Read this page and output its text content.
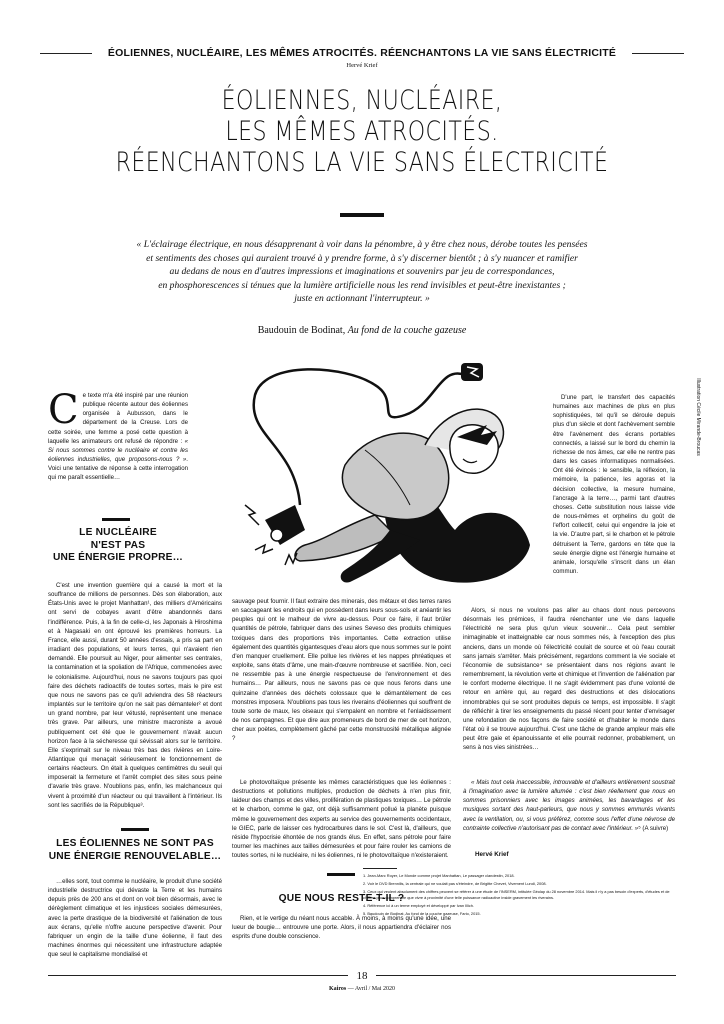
ÉOLIENNES, NUCLÉAIRE, LES MÊMES ATROCITÉS. RÉENCHANTONS LA VIE SANS ÉLECTRICITÉ
Hervé Krief
ÉOLIENNES, NUCLÉAIRE,
LES MÊMES ATROCITÉS.
RÉENCHANTONS LA VIE SANS ÉLECTRICITÉ
« L'éclairage électrique, en nous désapprenant à voir dans la pénombre, à y être chez nous, dérobe toutes les pensées
et sentiments des choses qui auraient trouvé à y prendre forme, à s'y discerner bientôt ; à s'y nuancer et ramifier
au dedans de nous en d'autres impressions et imaginations et souvenirs par jeu de correspondances,
en phosphorescences si ténues que la lumière artificielle nous les rend invisibles et peut-être inexistantes ;
juste en actionnant l'interrupteur. »
Baudouin de Bodinat, Au fond de la couche gazeuse
Illustration Cécile Mirande-Broucas
C e texte m'a été inspiré par une réunion publique récente autour des éoliennes organisée à Aubusson, dans le département de la Creuse. Lors de cette soirée, une femme a posé cette question à laquelle les animateurs ont refusé de répondre : « Si nous sommes contre le nucléaire et contre les éoliennes industrielles, que proposons-nous ? ». Voici une tentative de réponse à cette interrogation qui me paraît essentielle…
LE NUCLÉAIRE
N'EST PAS
UNE ÉNERGIE PROPRE…

C'est une invention guerrière qui a causé la mort et la souffrance de millions de personnes. Dès son élaboration, aux États-Unis avec le projet Manhattan¹, des milliers d'Américains ont servi de cobayes avant d'être abandonnés dans l'indifférence. Puis, à la fin de celle-ci, les Japonais à Hiroshima et à Nagasaki en ont éprouvé les premières horreurs. La France, elle aussi, durant 50 années d'essais, a pris sa part en irradiant des populations, et leurs terres, qui n'avaient rien demandé. Elle poursuit au Niger, pour alimenter ses centrales, la contamination et la spoliation de l'Afrique, commencées avec le colonialisme. Aujourd'hui, nous ne savons toujours pas quoi faire des déchets radioactifs de toutes sortes, mais le pire est que nous ne savons pas ce qu'il adviendra des 58 réacteurs implantés sur le territoire qu'on ne sait pas démanteler² et dont un grand nombre, par leur vétusté, représentent une menace très grave. Par ailleurs, une ministre macroniste a avoué publiquement cet été que le gouvernement n'avait aucun horizon face à la sécheresse qui sévissait alors sur le territoire. Elle s'exprimait sur le niveau très bas des rivières en Loire-Atlantique qui menaçait sérieusement le fonctionnement de certains réacteurs. On était à quelques centimètres du seuil qui imposerait la fermeture et l'arrêt complet des sites sous peine d'avarie très grave. N'oublions pas, enfin, les malchanceux qui vivent à proximité d'un réacteur ou qui travaillent à l'intérieur. Ils sont les sacrifiés de la République³.

LES ÉOLIENNES NE SONT PAS
UNE ÉNERGIE RENOUVELABLE…

…elles sont, tout comme le nucléaire, le produit d'une société industrielle destructrice qui dévaste la Terre et les humains depuis près de 200 ans et dont on voit bien désormais, avec le dérèglement climatique et les injustices sociales démesurées, avec la perte drastique de la biodiversité et l'aliénation de tous aux écrans, qu'elle n'offre aucune perspective d'avenir. Pour fabriquer un engin de la taille d'une éolienne, il faut des machines énormes qui nécessitent une infrastructure adaptée que seul le capitalisme mondialisé et

sauvage peut fournir. Il faut extraire des minerais, des métaux et des terres rares en saccageant les endroits qui en possèdent dans leurs sous-sols et anéantir les peuples qui ont le malheur de vivre au-dessus. Pour ce faire, il faut brûler quantités de pétrole, fabriquer dans des usines Seveso des produits chimiques toxiques dans des proportions très importantes. Cette extraction utilise également des quantités gigantesques d'eau alors que nous sommes sur le point d'en manquer cruellement. Elle pollue les rivières et les nappes phréatiques et exploite, sans états d'âme, une main-d'œuvre nombreuse et sacrifiée. Non, ceci ne ressemble pas à une énergie respectueuse de l'environnement et des humains… Par ailleurs, nous ne savons pas ce que nous ferons dans une quinzaine d'années des déchets colossaux que le démantèlement de ces monstres imposera. N'oublions pas tous les riverains d'éoliennes qui souffrent de toute sorte de maux, les oiseaux qui s'empalent en nombre et l'enlaidissement de nos campagnes. Et que dire aux promeneurs de bord de mer de cet horizon, cher aux poètes, complètement gâché par cette monstruosité métallique alignée ?

Le photovoltaïque présente les mêmes caractéristiques que les éoliennes : destructions et pollutions multiples, production de déchets à n'en plus finir, laideur des champs et des villes, prolifération de plastiques toxiques… Le pétrole et le charbon, comme le gaz, ont déjà suffisamment pollué la planète puisque même le gouvernement des experts au service des gouvernements occidentaux, le GIEC, parle de laisser ces hydrocarbures dans le sol. C'est là, d'ailleurs, que réside l'hypocrisie éhontée de nos grands élus. En effet, sans pétrole pour faire tourner les machines aux tailles démesurées et pour faire rouler les camions de toutes sortes, ni le nucléaire, ni les éoliennes, ni le photovoltaïque n'existeraient.

QUE NOUS RESTE-T-IL ?

Rien, et le vertige du néant nous accable. À moins, à moins qu'une idée, une lueur de bougie… entrouvre une porte. Alors, il nous appartiendra d'éclairer nos esprits d'une double conscience.

D'une part, le transfert des capacités humaines aux machines de plus en plus sophistiquées, tel qu'il se déroule depuis plus d'un siècle et dont l'achèvement semble être l'avènement des écrans portables connectés, a laissé sur le bord du chemin la richesse de nos âmes, car elle ne rentre pas dans les cases informatiques normalisées. Ont été évincés : le sensible, la réflexion, la mémoire, la patience, les agoras et la décision collective, la mesure humaine, l'ancrage à la terre…, parmi tant d'autres choses. Cette substitution nous laisse vide de nous-mêmes et orphelins du goût de l'effort collectif, celui qui engendre la joie et la vie. D'autre part, si le charbon et le pétrole détruisent la Terre, gardons en tête que la seule énergie digne est l'énergie humaine et animale, lorsqu'elle s'inscrit dans un élan commun.

Alors, si nous ne voulons pas aller au chaos dont nous percevons désormais les prémices, il faudra réenchanter une vie dans laquelle l'électricité ne sera plus qu'un vieux souvenir… Cela peut sembler inimaginable et inatteignable car nous sommes nés, à l'exception des plus anciens, dans un monde où l'électricité coulait de source et où l'eau courait sans jamais s'arrêter. Mais précisément, regardons comment la vie sociale et l'économie de subsistance⁴ se présentaient dans nos régions avant le remembrement, la révolution verte et chimique et l'invention de l'aliénation par le confort moderne électrique. Il ne s'agit évidemment pas d'une volonté de retour en arrière qui, au regard des destructions et des dislocations innombrables qui se sont produites depuis ce temps, est impossible. Il s'agit de réfléchir à tirer les enseignements du passé récent pour tenter d'envisager une refondation de nos façons de faire société et d'habiter le monde dans l'état où il se trouve aujourd'hui. C'est une tâche de grande ampleur mais elle peut être gaie et épanouissante et elle pourrait redonner, probablement, un sens à nos vies sinistrées…

« Mais tout cela inaccessible, introuvable et d'ailleurs entièrement soustrait à l'imagination avec la lumière allumée : c'est bien réellement que nous en sommes prisonniers avec les images animées, les bavardages et les musiques sortant des haut-parleurs, que nous y sommes emmurés vivants avec la ventilation, ou, si vous préférez, comme sous l'effet d'une névrose de contrainte collective n'autorisant pas de contact avec l'intérieur. »⁵ (A suivre)

Hervé Krief
1. Jean-Marc Royer, Le Monde comme projet Manhattan, Le passager clandestin, 2018.
2. Voir le DVD Brennilis, la centrale qui ne voulait pas s'éteindre, de Brigitte Chevet, Vivement Lundi, 2008.
3. Ceux qui veulent absolument des chiffres peuvent se référer à une étude de l'INSERM, intitulée Géolap du 28 novembre 2014. Mais il n'y a pas besoin d'experts, d'études et de chiffres pour comprendre que vivre à proximité d'une telle puissance radioactive inside gravement les riverains.
4. Référence ici à un terme employé et développé par Ivan Illich.
5. Baudouin de Bodinat, Au fond de la couche gazeuse, Fario, 2015.
18
Kairos — Avril / Mai 2020
